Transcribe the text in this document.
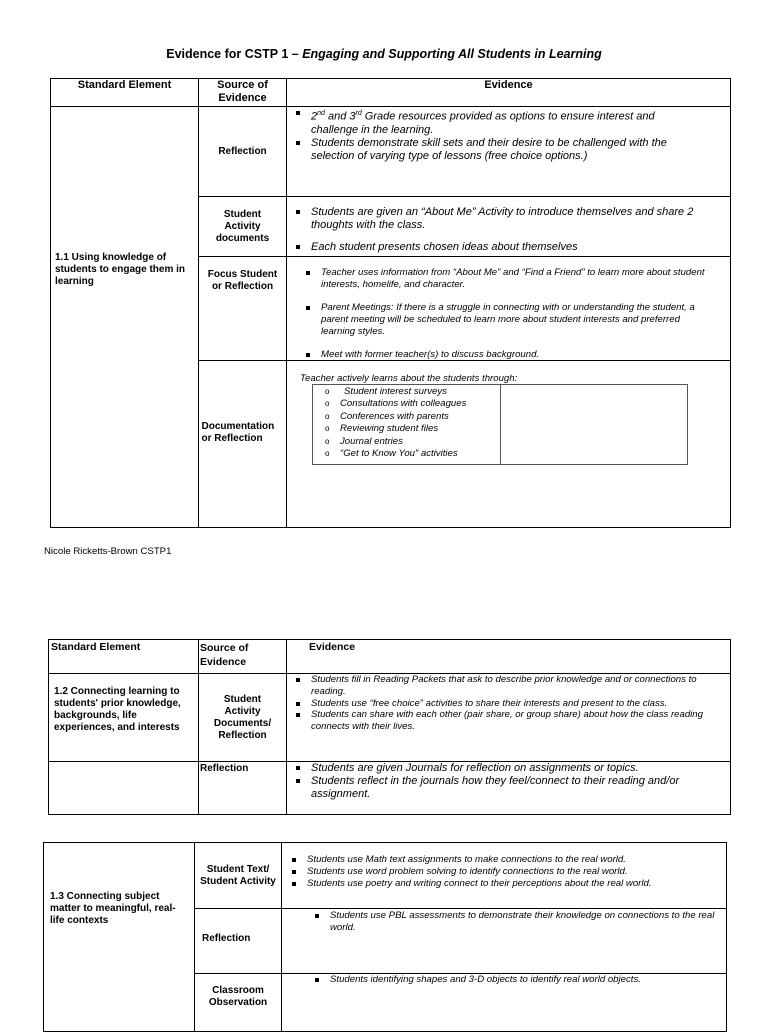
Evidence for CSTP 1 – Engaging and Supporting All Students in Learning
Standard Element	Source of Evidence
Evidence
1.1 Using knowledge of students to engage them in learning
Reflection
Student Activity documents
Focus Student or Reflection
Documentation or Reflection
2nd and 3rd Grade resources provided as options to ensure interest and challenge in the learning.
Students demonstrate skill sets and their desire to be challenged with the selection of varying type of lessons (free choice options.)
Students are given an “About Me” Activity to introduce themselves and share 2 thoughts with the class.
Each student presents chosen ideas about themselves
Teacher uses information from “About Me” and “Find a Friend” to learn more about student interests, homelife, and character.
Parent Meetings: If there is a struggle in connecting with or understanding the student, a parent meeting will be scheduled to learn more about student interests and preferred learning styles.
Meet with former teacher(s) to discuss background.
Teacher actively learns about the students through:
o Student interest surveys
o Consultations with colleagues
o Conferences with parents
o Reviewing student files
o Journal entries
o “Get to Know You” activities
Nicole Ricketts-Brown CSTP1
Standard Element	Source of Evidence
Evidence
1.2 Connecting learning to students' prior knowledge, backgrounds, life experiences, and interests
Student Activity Documents/ Reflection
Reflection
Students fill in Reading Packets that ask to describe prior knowledge and or connections to reading.
Students use “free choice” activities to share their interests and present to the class.
Students can share with each other (pair share, or group share) about how the class reading connects with their lives.
Students are given Journals for reflection on assignments or topics.
Students reflect in the journals how they feel/connect to their reading and/or assignment.
1.3 Connecting subject matter to meaningful, real-life contexts
Student Text/ Student Activity
Reflection
Classroom Observation
Students use Math text assignments to make connections to the real world.
Students use word problem solving to identify connections to the real world.
Students use poetry and writing connect to their perceptions about the real world.
Students use PBL assessments to demonstrate their knowledge on connections to the real world.
Students identifying shapes and 3-D objects to identify real world objects.
